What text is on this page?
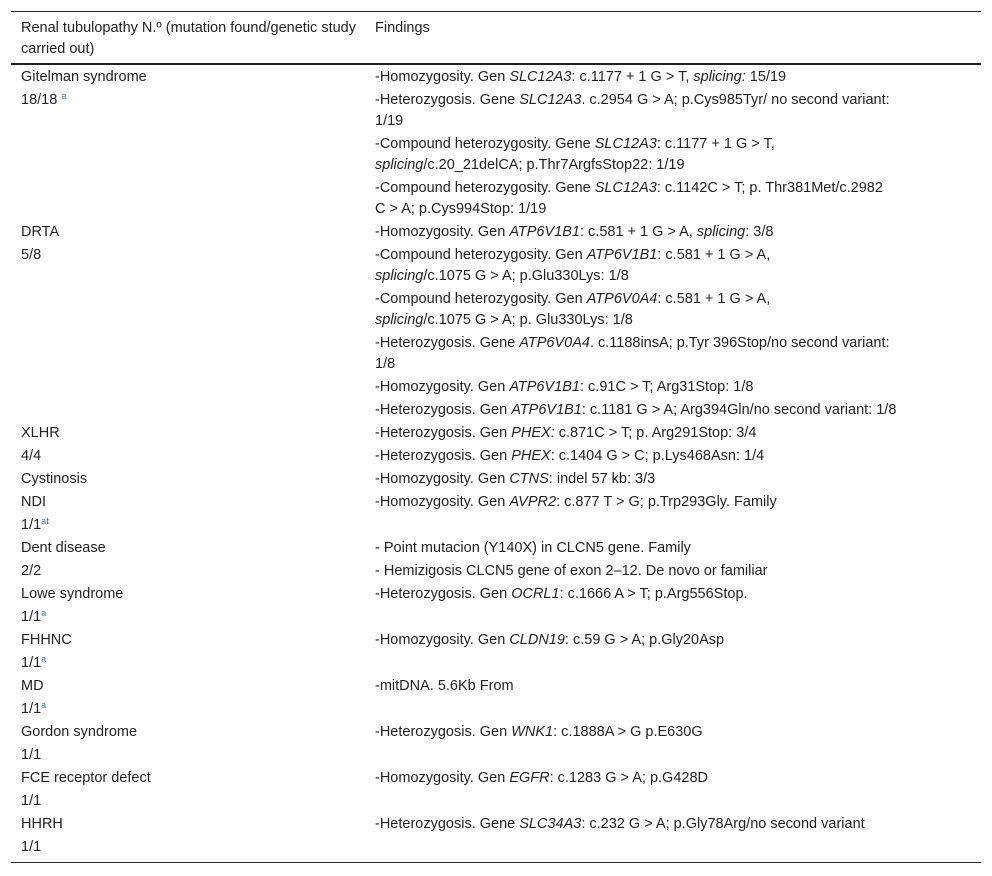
Renal tubulopathy N.º (mutation found/genetic study carried out)
Findings
Gitelman syndrome
18/18 $^a$
-Homozygosity. Gen SLC12A3: c.1177 + 1 G > T, splicing: 15/19
-Heterozygosis. Gene SLC12A3. c.2954 G > A; p.Cys985Tyr/ no second variant:
1/19
-Compound heterozygosity. Gene SLC12A3: c.1177 + 1 G > T,
splicing/c.20_21delCA; p.Thr7ArgfsStop22: 1/19
-Compound heterozygosity. Gene SLC12A3: c.1142C > T; p. Thr381Met/c.2982
C > A; p.Cys994Stop: 1/19
DRTA
5/8
-Homozygosity. Gen ATP6V1B1: c.581 + 1 G > A, splicing: 3/8
-Compound heterozygosity. Gen ATP6V1B1: c.581 + 1 G > A,
splicing/c.1075 G > A; p.Glu330Lys: 1/8
-Compound heterozygosity. Gen ATP6V0A4: c.581 + 1 G > A,
splicing/c.1075 G > A; p. Glu330Lys: 1/8
-Heterozygosis. Gene ATP6V0A4. c.1188insA; p.Tyr 396Stop/no second variant:
1/8
-Homozygosity. Gen ATP6V1B1: c.91C > T; Arg31Stop: 1/8
-Heterozygosis. Gen ATP6V1B1: c.1181 G > A; Arg394Gln/no second variant: 1/8
XLHR
4/4
-Heterozygosis. Gen PHEX: c.871C > T; p. Arg291Stop: 3/4
-Heterozygosis. Gen PHEX: c.1404 G > C; p.Lys468Asn: 1/4
Cystinosis	-Homozygosity. Gen CTNS: indel 57 kb: 3/3
NDI
$1/1^{at}$
-Homozygosity. Gen AVPR2: c.877 T > G; p.Trp293Gly. Family
Dent disease
2/2
- Point mutacion (Y140X) in CLCN5 gene. Family
- Hemizigosis CLCN5 gene of exon 2–12. De novo or familiar
Lowe syndrome
1/1$^a$
-Heterozygosis. Gen OCRL1: c.1666 A > T; p.Arg556Stop.
FHHNC
1/1$^a$
-Homozygosity. Gen CLDN19: c.59 G > A; p.Gly20Asp
MD
1/1$^a$
-mitDNA. 5.6Kb From
Gordon syndrome
1/1
-Heterozygosis. Gen WNK1: c.1888A > G p.E630G
FCE receptor defect
1/1
-Homozygosity. Gen EGFR: c.1283 G > A; p.G428D
HHRH
1/1
-Heterozygosis. Gene SLC34A3: c.232 G > A; p.Gly78Arg/no second variant
